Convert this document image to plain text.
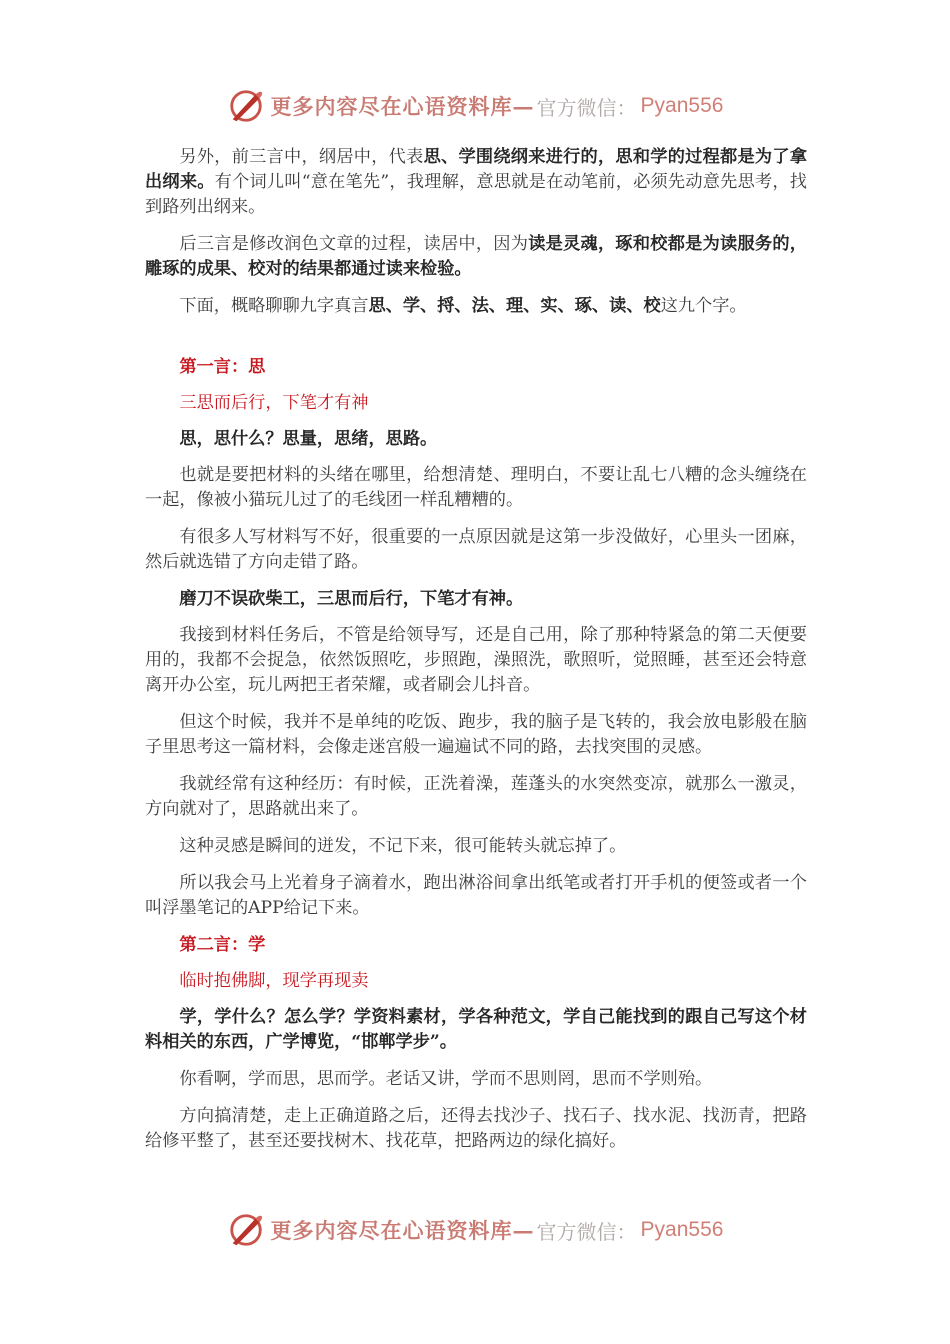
更多内容尽在心语资料库 — 官方微信： Pyan556

另外，前三言中，纲居中，代表思、学围绕纲来进行的，思和学的过程都是为了拿出纲来。有个词儿叫“意在笔先”，我理解，意思就是在动笔前，必须先动意先思考，找到路列出纲来。

后三言是修改润色文章的过程，读居中，因为读是灵魂，琢和校都是为读服务的，雕琢的成果、校对的结果都通过读来检验。

下面，概略聊聊九字真言思、学、捋、法、理、实、琢、读、校这九个字。

第一言：思

三思而后行，下笔才有神

思，思什么？思量，思绪，思路。

也就是要把材料的头绪在哪里，给想清楚、理明白，不要让乱七八糟的念头缠绕在一起，像被小猫玩儿过了的毛线团一样乱糟糟的。

有很多人写材料写不好，很重要的一点原因就是这第一步没做好，心里头一团麻，然后就选错了方向走错了路。

磨刀不误砍柴工，三思而后行，下笔才有神。

我接到材料任务后，不管是给领导写，还是自己用，除了那种特紧急的第二天便要用的，我都不会捉急，依然饭照吃，步照跑，澡照洗，歌照听，觉照睡，甚至还会特意离开办公室，玩儿两把王者荣耀，或者刷会儿抖音。

但这个时候，我并不是单纯的吃饭、跑步，我的脑子是飞转的，我会放电影般在脑子里思考这一篇材料，会像走迷宫般一遍遍试不同的路，去找突围的灵感。

我就经常有这种经历：有时候，正洗着澡，莲蓬头的水突然变凉，就那么一激灵，方向就对了，思路就出来了。

这种灵感是瞬间的迸发，不记下来，很可能转头就忘掉了。

所以我会马上光着身子滴着水，跑出淋浴间拿出纸笔或者打开手机的便签或者一个叫浮墨笔记的APP给记下来。

第二言：学

临时抱佛脚，现学再现卖

学，学什么？怎么学？学资料素材，学各种范文，学自己能找到的跟自己写这个材料相关的东西，广学博览，“邯郸学步”。

你看啊，学而思，思而学。老话又讲，学而不思则罔，思而不学则殆。

方向搞清楚，走上正确道路之后，还得去找沙子、找石子、找水泥、找沥青，把路给修平整了，甚至还要找树木、找花草，把路两边的绿化搞好。

更多内容尽在心语资料库 — 官方微信： Pyan556
